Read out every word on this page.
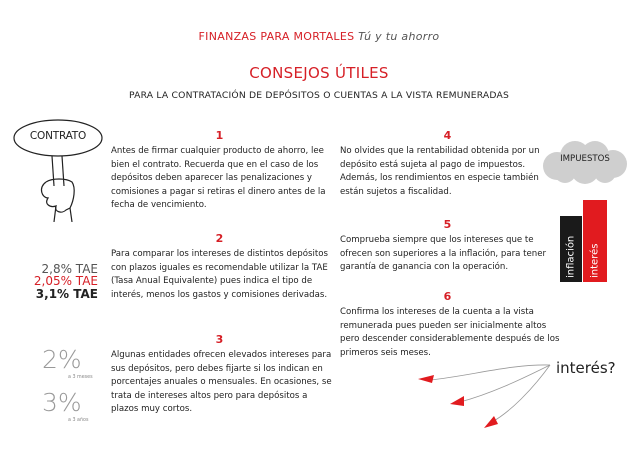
FINANZAS PARA MORTALES Tú y tu ahorro
CONSEJOS ÚTILES
PARA LA CONTRATACIÓN DE DEPÓSITOS O CUENTAS A LA VISTA REMUNERADAS
CONTRATO
2,8% TAE
2,05% TAE
3,1% TAE
2%
a 3 meses
3%
a 3 años
1
Antes de firmar cualquier producto de ahorro, lee bien el contrato. Recuerda que en el caso de los depósitos deben aparecer las penalizaciones y comisiones a pagar si retiras el dinero antes de la fecha de vencimiento.
2
Para comparar los intereses de distintos depósitos con plazos iguales es recomendable utilizar la TAE (Tasa Anual Equivalente) pues indica el tipo de interés, menos los gastos y comisiones derivadas.
3
Algunas entidades ofrecen elevados intereses para sus depósitos, pero debes fijarte si los indican en porcentajes anuales o mensuales. En ocasiones, se trata de intereses altos pero para depósitos a plazos muy cortos.
4
No olvides que la rentabilidad obtenida por un depósito está sujeta al pago de impuestos. Además, los rendimientos en especie también están sujetos a fiscalidad.
5
Comprueba siempre que los intereses que te ofrecen son superiores a la inflación, para tener garantía de ganancia con la operación.
6
Confirma los intereses de la cuenta a la vista remunerada pues pueden ser inicialmente altos pero descender considerablemente después de los primeros seis meses.
IMPUESTOS
inflación interés
interés?
